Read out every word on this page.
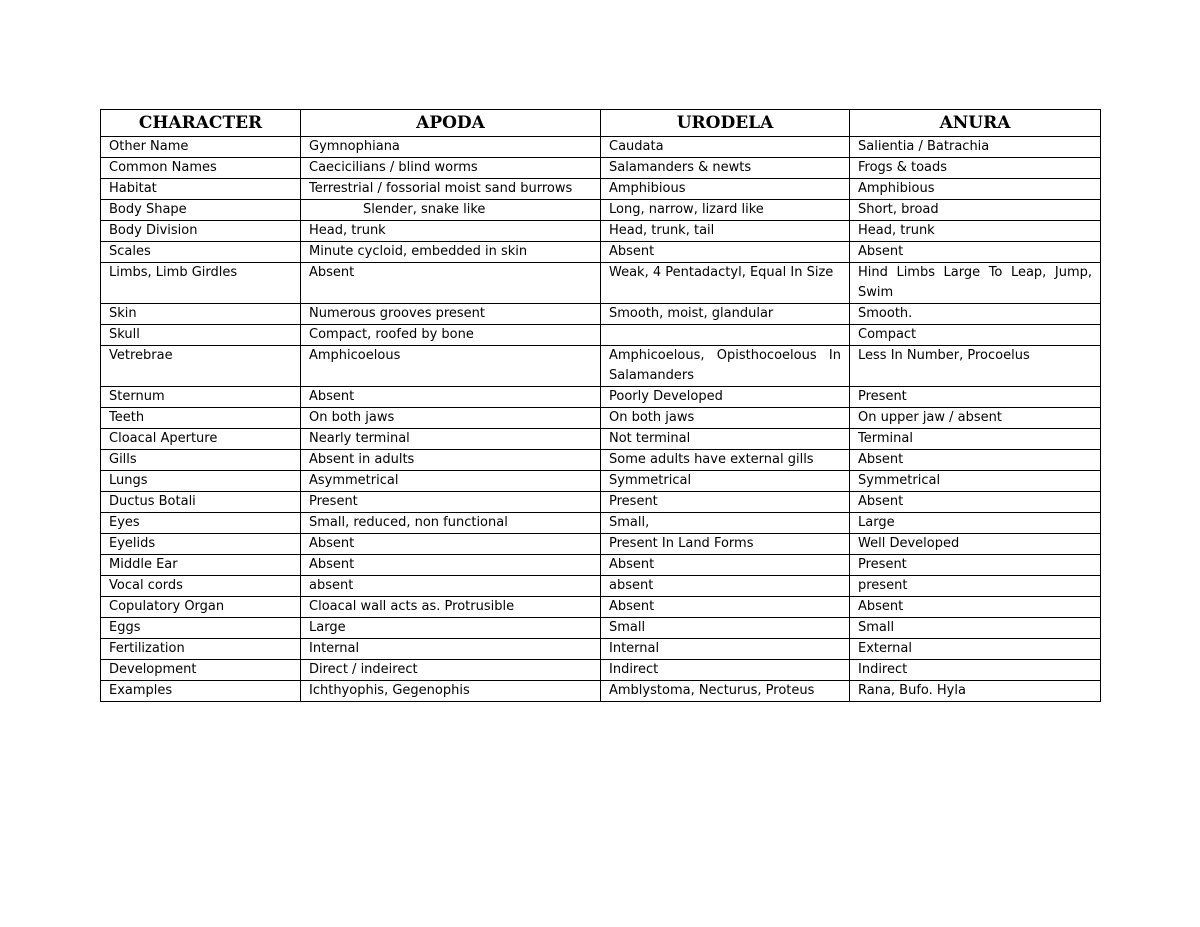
CHARACTER	APODA	URODELA	ANURA
Other Name	Gymnophiana	Caudata	Salientia / Batrachia
Common Names	Caecicilians / blind worms	Salamanders & newts	Frogs & toads
Habitat	Terrestrial / fossorial moist sand burrows	Amphibious	Amphibious
Body Shape	Slender, snake like	Long, narrow, lizard like	Short, broad
Body Division	Head, trunk	Head, trunk, tail	Head, trunk
Scales	Minute cycloid, embedded in skin	Absent	Absent
Limbs, Limb Girdles	Absent	Weak, 4 Pentadactyl, Equal In Size	Hind Limbs Large To Leap, Jump, Swim
Skin	Numerous grooves present	Smooth, moist, glandular	Smooth.
Skull	Compact, roofed by bone		Compact
Vetrebrae	Amphicoelous	Amphicoelous, Opisthocoelous In Salamanders	Less In Number, Procoelus
Sternum	Absent	Poorly Developed	Present
Teeth	On both jaws	On both jaws	On upper jaw / absent
Cloacal Aperture	Nearly terminal	Not terminal	Terminal
Gills	Absent in adults	Some adults have external gills	Absent
Lungs	Asymmetrical	Symmetrical	Symmetrical
Ductus Botali	Present	Present	Absent
Eyes	Small, reduced, non functional	Small,	Large
Eyelids	Absent	Present In Land Forms	Well Developed
Middle Ear	Absent	Absent	Present
Vocal cords	absent	absent	present
Copulatory Organ	Cloacal wall acts as. Protrusible	Absent	Absent
Eggs	Large	Small	Small
Fertilization	Internal	Internal	External
Development	Direct / indeirect	Indirect	Indirect
Examples	Ichthyophis, Gegenophis	Amblystoma, Necturus, Proteus	Rana, Bufo. Hyla
